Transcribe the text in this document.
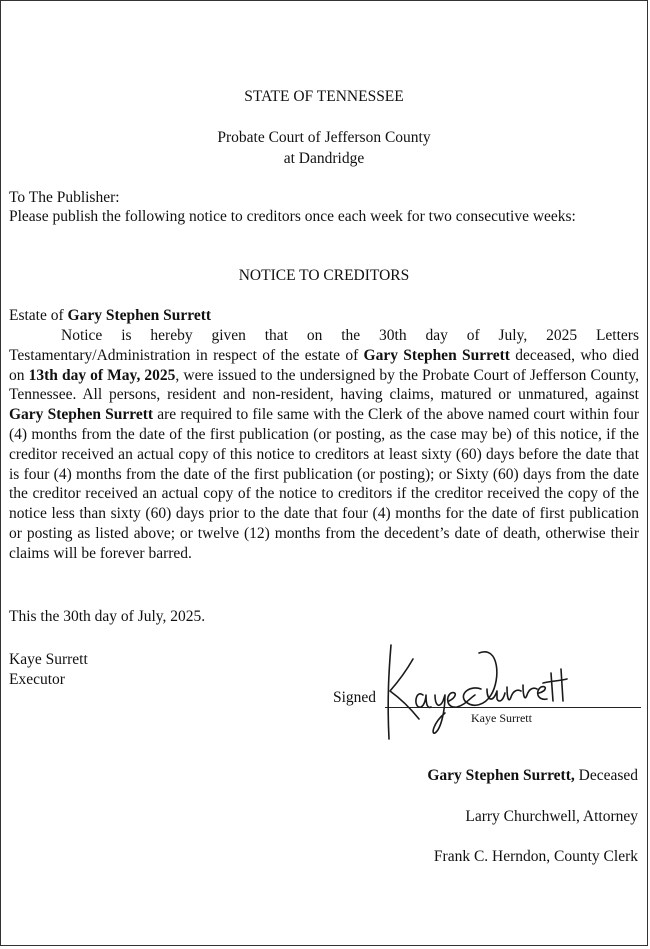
STATE OF TENNESSEE
Probate Court of Jefferson County
at Dandridge
To The Publisher:
Please publish the following notice to creditors once each week for two consecutive weeks:
NOTICE TO CREDITORS
Estate of Gary Stephen Surrett

Notice is hereby given that on the 30th day of July, 2025 Letters Testamentary/Administration in respect of the estate of Gary Stephen Surrett deceased, who died on 13th day of May, 2025, were issued to the undersigned by the Probate Court of Jefferson County, Tennessee. All persons, resident and non-resident, having claims, matured or unmatured, against Gary Stephen Surrett are required to file same with the Clerk of the above named court within four (4) months from the date of the first publication (or posting, as the case may be) of this notice, if the creditor received an actual copy of this notice to creditors at least sixty (60) days before the date that is four (4) months from the date of the first publication (or posting); or Sixty (60) days from the date the creditor received an actual copy of the notice to creditors if the creditor received the copy of the notice less than sixty (60) days prior to the date that four (4) months for the date of first publication or posting as listed above; or twelve (12) months from the decedent’s date of death, otherwise their claims will be forever barred.

This the 30th day of July, 2025.
Kaye Surrett
Executor
Signed
Kaye Surrett
Gary Stephen Surrett, Deceased
Larry Churchwell, Attorney
Frank C. Herndon, County Clerk
